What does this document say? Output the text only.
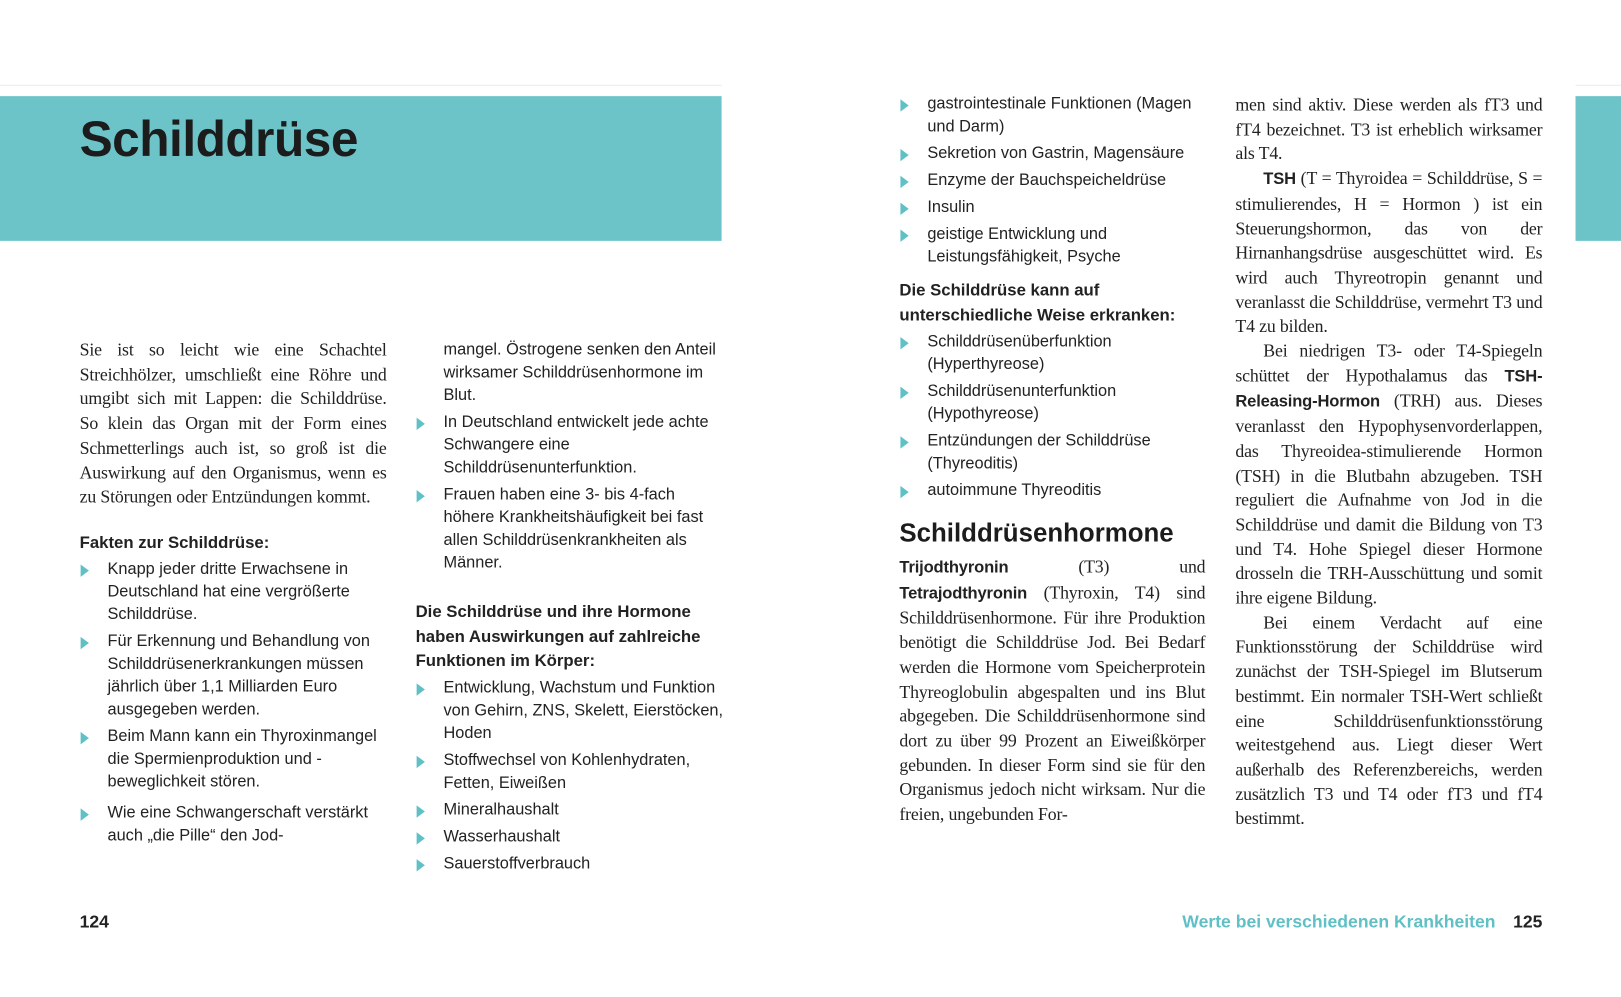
Schilddrüse

Sie ist so leicht wie eine Schachtel Streichhölzer, umschließt eine Röhre und umgibt sich mit Lappen: die Schilddrüse. So klein das Organ mit der Form eines Schmetterlings auch ist, so groß ist die Auswirkung auf den Organismus, wenn es zu Störungen oder Entzündungen kommt.

Fakten zur Schilddrüse:

Knapp jeder dritte Erwachsene in Deutschland hat eine vergrößerte Schilddrüse.
Für Erkennung und Behandlung von Schilddrüsenerkrankungen müssen jährlich über 1,1 Milliarden Euro ausgegeben werden.
Beim Mann kann ein Thyroxinmangel die Spermienproduktion und -beweglichkeit stören.
Wie eine Schwangerschaft verstärkt auch „die Pille“ den Jod-
mangel. Östrogene senken den Anteil wirksamer Schilddrüsenhormone im Blut.
In Deutschland entwickelt jede achte Schwangere eine Schilddrüsenunterfunktion.
Frauen haben eine 3- bis 4-fach höhere Krankheitshäufigkeit bei fast allen Schilddrüsenkrankheiten als Männer.

Die Schilddrüse und ihre Hormone haben Auswirkungen auf zahlreiche Funktionen im Körper:

Entwicklung, Wachstum und Funktion von Gehirn, ZNS, Skelett, Eierstöcken, Hoden
Stoffwechsel von Kohlenhydraten, Fetten, Eiweißen
Mineralhaushalt
Wasserhaushalt
Sauerstoffverbrauch
gastrointestinale Funktionen (Magen und Darm)
Sekretion von Gastrin, Magensäure
Enzyme der Bauchspeicheldrüse
Insulin
geistige Entwicklung und Leistungsfähigkeit, Psyche

Die Schilddrüse kann auf unterschiedliche Weise erkranken:

Schilddrüsenüberfunktion (Hyperthyreose)
Schilddrüsenunterfunktion (Hypothyreose)
Entzündungen der Schilddrüse (Thyreoditis)
autoimmune Thyreoditis
Schilddrüsenhormone

Trijodthyronin (T3) und Tetrajodthyronin (Thyroxin, T4) sind Schilddrüsenhormone. Für ihre Produktion benötigt die Schilddrüse Jod. Bei Bedarf werden die Hormone vom Speicherprotein Thyreoglobulin abgespalten und ins Blut abgegeben. Die Schilddrüsenhormone sind dort zu über 99 Prozent an Eiweißkörper gebunden. In dieser Form sind sie für den Organismus jedoch nicht wirksam. Nur die freien, ungebunden For-

men sind aktiv. Diese werden als fT3 und fT4 bezeichnet. T3 ist erheblich wirksamer als T4.

TSH (T = Thyroidea = Schilddrüse, S = stimulierendes, H = Hormon ) ist ein Steuerungshormon, das von der Hirnanhangsdrüse ausgeschüttet wird. Es wird auch Thyreotropin genannt und veranlasst die Schilddrüse, vermehrt T3 und T4 zu bilden.

Bei niedrigen T3- oder T4-Spiegeln schüttet der Hypothalamus das TSH-Releasing-Hormon (TRH) aus. Dieses veranlasst den Hypophysenvorderlappen, das Thyreoidea-stimulierende Hormon (TSH) in die Blutbahn abzugeben. TSH reguliert die Aufnahme von Jod in die Schilddrüse und damit die Bildung von T3 und T4. Hohe Spiegel dieser Hormone drosseln die TRH-Ausschüttung und somit ihre eigene Bildung.

Bei einem Verdacht auf eine Funktionsstörung der Schilddrüse wird zunächst der TSH-Spiegel im Blutserum bestimmt. Ein normaler TSH-Wert schließt eine Schilddrüsenfunktionsstörung weitestgehend aus. Liegt dieser Wert außerhalb des Referenzbereichs, werden zusätzlich T3 und T4 oder fT3 und fT4 bestimmt.

124	Werte bei verschiedenen Krankheiten 125
